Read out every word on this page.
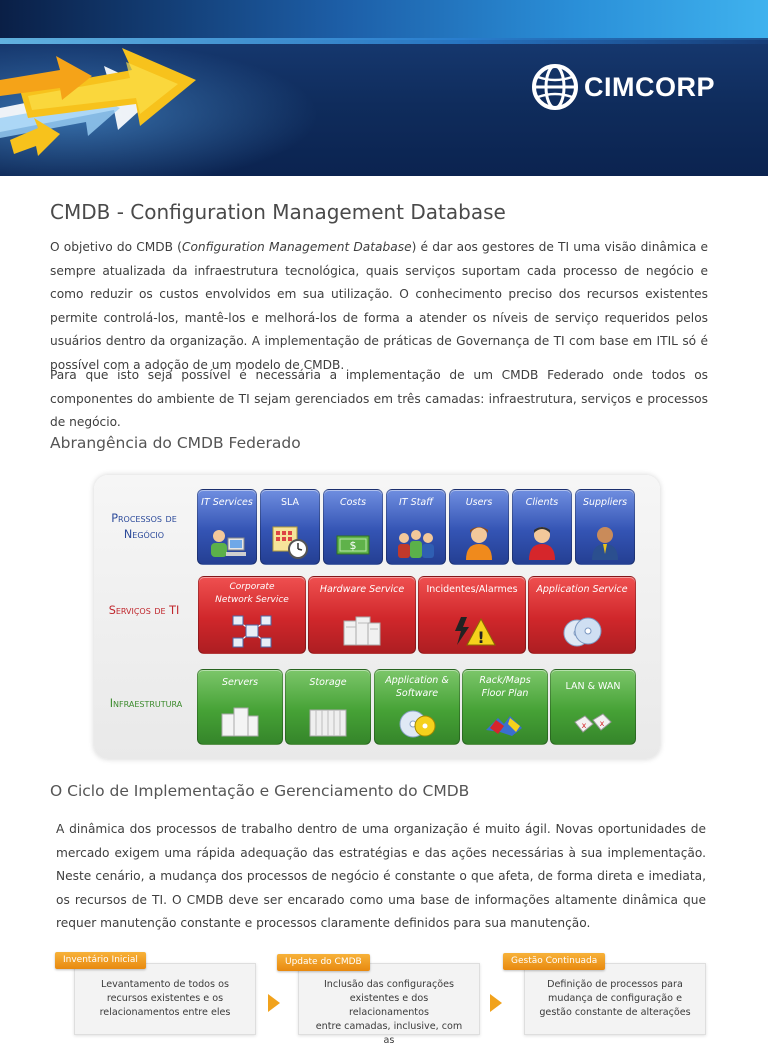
CIMCORP
CMDB - Configuration Management Database

O objetivo do CMDB (Configuration Management Database) é dar aos gestores de TI uma visão dinâmica e sempre atualizada da infraestrutura tecnológica, quais serviços suportam cada processo de negócio e como reduzir os custos envolvidos em sua utilização. O conhecimento preciso dos recursos existentes permite controlá-los, mantê-los e melhorá-los de forma a atender os níveis de serviço requeridos pelos usuários dentro da organização. A implementação de práticas de Governança de TI com base em ITIL só é possível com a adoção de um modelo de CMDB.

Para que isto seja possível é necessária a implementação de um CMDB Federado onde todos os componentes do ambiente de TI sejam gerenciados em três camadas: infraestrutura, serviços e processos de negócio.

Abrangência do CMDB Federado
Processos de
Negócio
Serviços de TI
Infraestrutura
IT Services	SLA	Costs
$
IT Staff	Users	Clients	Suppliers
Corporate
Network Service
Hardware Service	Incidentes/Alarmes
!
Application Service
Servers	Storage	Application &
Software
Rack/Maps
Floor Plan
LAN & WAN
x x
O Ciclo de Implementação e Gerenciamento do CMDB

A dinâmica dos processos de trabalho dentro de uma organização é muito ágil. Novas oportunidades de mercado exigem uma rápida adequação das estratégias e das ações necessárias à sua implementação. Neste cenário, a mudança dos processos de negócio é constante o que afeta, de forma direta e imediata, os recursos de TI. O CMDB deve ser encarado como uma base de informações altamente dinâmica que requer manutenção constante e processos claramente definidos para sua manutenção.

Levantamento de todos os
recursos existentes e os
relacionamentos entre eles
Inventário Inicial
Inclusão das configurações
existentes e dos relacionamentos
entre camadas, inclusive, com as
Update do CMDB
Definição de processos para
mudança de configuração e
gestão constante de alterações
Gestão Continuada
